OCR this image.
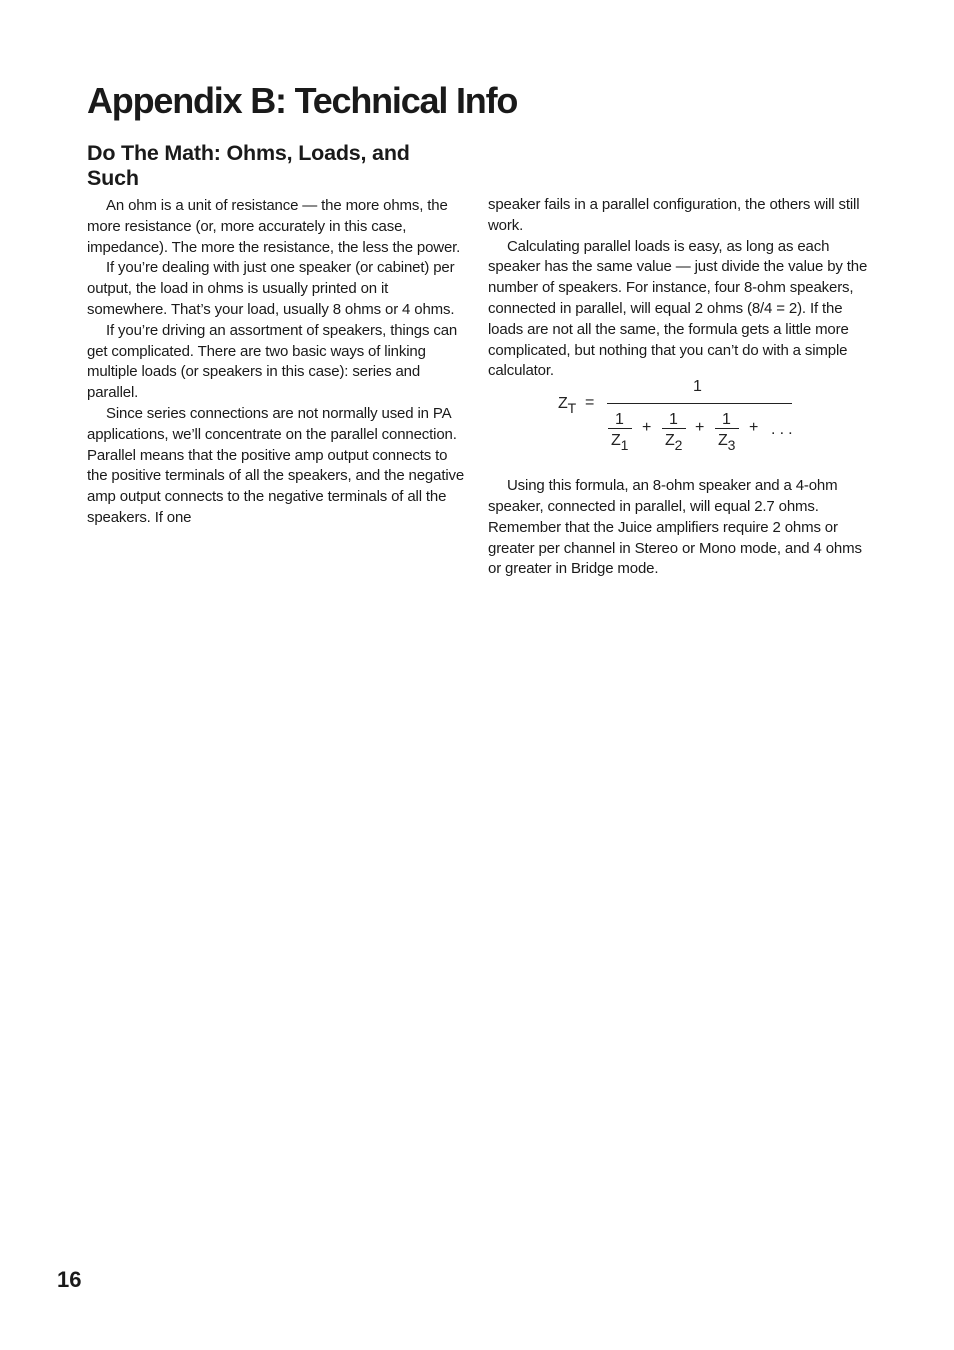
Appendix B: Technical Info
Do The Math: Ohms, Loads, and Such

An ohm is a unit of resistance — the more ohms, the more resistance (or, more accurately in this case, impedance). The more the resistance, the less the power.

If you’re dealing with just one speaker (or cabinet) per output, the load in ohms is usually printed on it somewhere. That’s your load, usually 8 ohms or 4 ohms.

If you’re driving an assortment of speakers, things can get complicated. There are two basic ways of linking multiple loads (or speakers in this case): series and parallel.

Since series connections are not normally used in PA applications, we’ll concentrate on the parallel connection. Parallel means that the positive amp output connects to the positive terminals of all the speakers, and the negative amp output connects to the negative terminals of all the speakers. If one

speaker fails in a parallel configuration, the others will still work.

Calculating parallel loads is easy, as long as each speaker has the same value — just divide the value by the number of speakers. For instance, four 8-ohm speakers, connected in parallel, will equal 2 ohms (8/4 = 2). If the loads are not all the same, the formula gets a little more complicated, but nothing that you can’t do with a simple calculator.

ZT =
1
1
Z1
+ 1
Z2
+ 1
Z3
+ . . .

Using this formula, an 8-ohm speaker and a 4-ohm speaker, connected in parallel, will equal 2.7 ohms. Remember that the Juice amplifiers require 2 ohms or greater per channel in Stereo or Mono mode, and 4 ohms or greater in Bridge mode.

16
